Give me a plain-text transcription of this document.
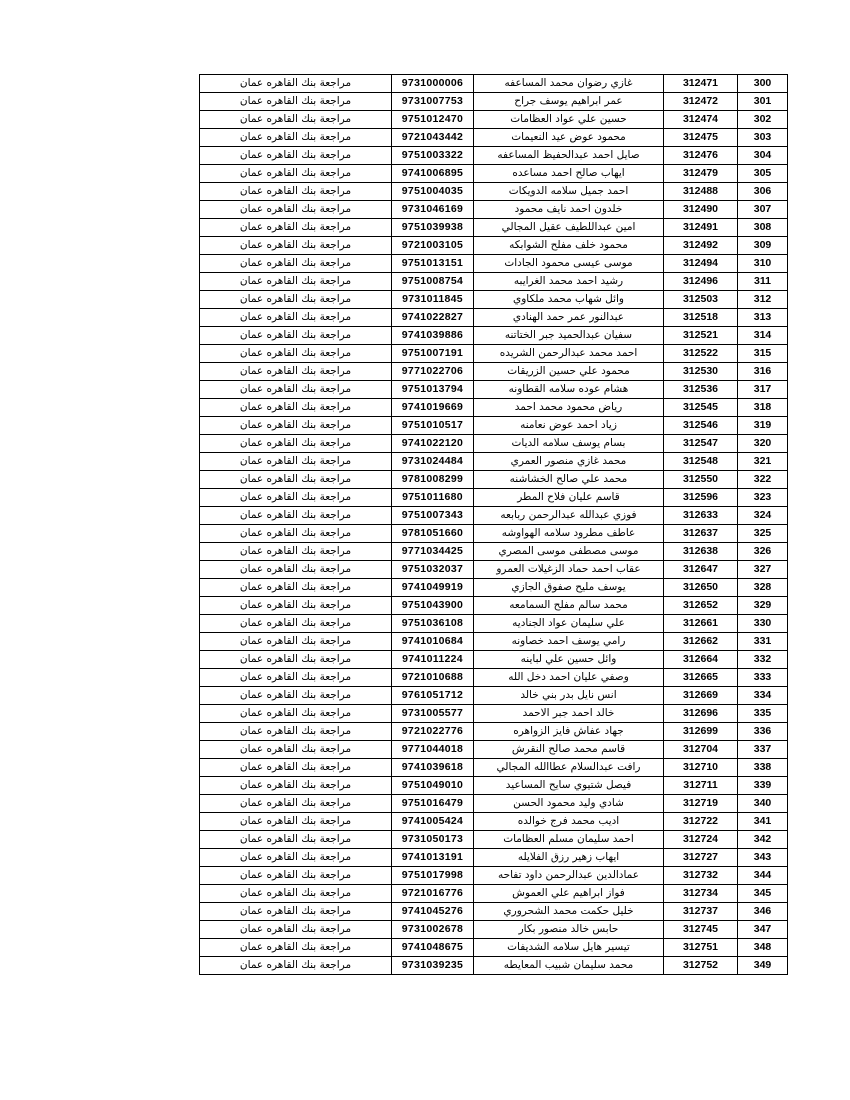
مراجعة بنك القاهره عمان	9731000006	غازي رضوان محمد المساعفه	312471	300
مراجعة بنك القاهره عمان	9731007753	عمر ابراهيم يوسف جراح	312472	301
مراجعة بنك القاهره عمان	9751012470	حسين علي عواد العظامات	312474	302
مراجعة بنك القاهره عمان	9721043442	محمود عوض عيد النعيمات	312475	303
مراجعة بنك القاهره عمان	9751003322	صايل احمد عبدالحفيظ المساعفه	312476	304
مراجعة بنك القاهره عمان	9741006895	ايهاب صالح احمد مساعده	312479	305
مراجعة بنك القاهره عمان	9751004035	احمد جميل سلامه الدويكات	312488	306
مراجعة بنك القاهره عمان	9731046169	خلدون احمد نايف محمود	312490	307
مراجعة بنك القاهره عمان	9751039938	امين عبداللطيف عقيل المجالي	312491	308
مراجعة بنك القاهره عمان	9721003105	محمود خلف مفلح الشوابكه	312492	309
مراجعة بنك القاهره عمان	9751013151	موسى عيسى محمود الجادات	312494	310
مراجعة بنك القاهره عمان	9751008754	رشيد احمد محمد الغرايبه	312496	311
مراجعة بنك القاهره عمان	9731011845	وائل شهاب محمد ملكاوي	312503	312
مراجعة بنك القاهره عمان	9741022827	عبدالنور عمر حمد الهنادي	312518	313
مراجعة بنك القاهره عمان	9741039886	سفيان عبدالحميد جبر الختاتنه	312521	314
مراجعة بنك القاهره عمان	9751007191	احمد محمد عبدالرحمن الشريده	312522	315
مراجعة بنك القاهره عمان	9771022706	محمود علي حسين الزريقات	312530	316
مراجعة بنك القاهره عمان	9751013794	هشام عوده سلامه القطاونه	312536	317
مراجعة بنك القاهره عمان	9741019669	رياض محمود محمد احمد	312545	318
مراجعة بنك القاهره عمان	9751010517	زياد احمد عوض نعامنه	312546	319
مراجعة بنك القاهره عمان	9741022120	بسام يوسف سلامه الديات	312547	320
مراجعة بنك القاهره عمان	9731024484	محمد غازي منصور العمري	312548	321
مراجعة بنك القاهره عمان	9781008299	محمد علي صالح الخشاشنه	312550	322
مراجعة بنك القاهره عمان	9751011680	قاسم عليان فلاح المطر	312596	323
مراجعة بنك القاهره عمان	9751007343	فوزي عبدالله عبدالرحمن ربابعه	312633	324
مراجعة بنك القاهره عمان	9781051660	عاطف مطرود سلامه الهواوشه	312637	325
مراجعة بنك القاهره عمان	9771034425	موسى مصطفى موسى المصري	312638	326
مراجعة بنك القاهره عمان	9751032037	عقاب احمد حماد الزغيلات العمرو	312647	327
مراجعة بنك القاهره عمان	9741049919	يوسف مليح صفوق الجازي	312650	328
مراجعة بنك القاهره عمان	9751043900	محمد سالم مفلح السمامعه	312652	329
مراجعة بنك القاهره عمان	9751036108	علي سليمان عواد الجناديه	312661	330
مراجعة بنك القاهره عمان	9741010684	رامي يوسف احمد خصاونه	312662	331
مراجعة بنك القاهره عمان	9741011224	وائل حسين علي لباينه	312664	332
مراجعة بنك القاهره عمان	9721010688	وصفي عليان احمد دخل الله	312665	333
مراجعة بنك القاهره عمان	9761051712	انس نايل بدر بني خالد	312669	334
مراجعة بنك القاهره عمان	9731005577	خالد احمد جبر الاحمد	312696	335
مراجعة بنك القاهره عمان	9721022776	جهاد عفاش فايز الزواهره	312699	336
مراجعة بنك القاهره عمان	9771044018	قاسم محمد صالح النقرش	312704	337
مراجعة بنك القاهره عمان	9741039618	رافت عبدالسلام عطاالله المجالي	312710	338
مراجعة بنك القاهره عمان	9751049010	فيصل شتيوي سايح المساعيد	312711	339
مراجعة بنك القاهره عمان	9751016479	شادي وليد محمود الحسن	312719	340
مراجعة بنك القاهره عمان	9741005424	اديب محمد فرج خوالده	312722	341
مراجعة بنك القاهره عمان	9731050173	احمد سليمان مسلم العظامات	312724	342
مراجعة بنك القاهره عمان	9741013191	ايهاب زهير رزق الفلايله	312727	343
مراجعة بنك القاهره عمان	9751017998	عمادالدين عبدالرحمن داود تفاحه	312732	344
مراجعة بنك القاهره عمان	9721016776	فواز ابراهيم علي العموش	312734	345
مراجعة بنك القاهره عمان	9741045276	خليل حكمت محمد الشحروري	312737	346
مراجعة بنك القاهره عمان	9731002678	حابس خالد منصور بكار	312745	347
مراجعة بنك القاهره عمان	9741048675	تيسير هايل سلامه الشديفات	312751	348
مراجعة بنك القاهره عمان	9731039235	محمد سليمان شبيب المعايطه	312752	349
